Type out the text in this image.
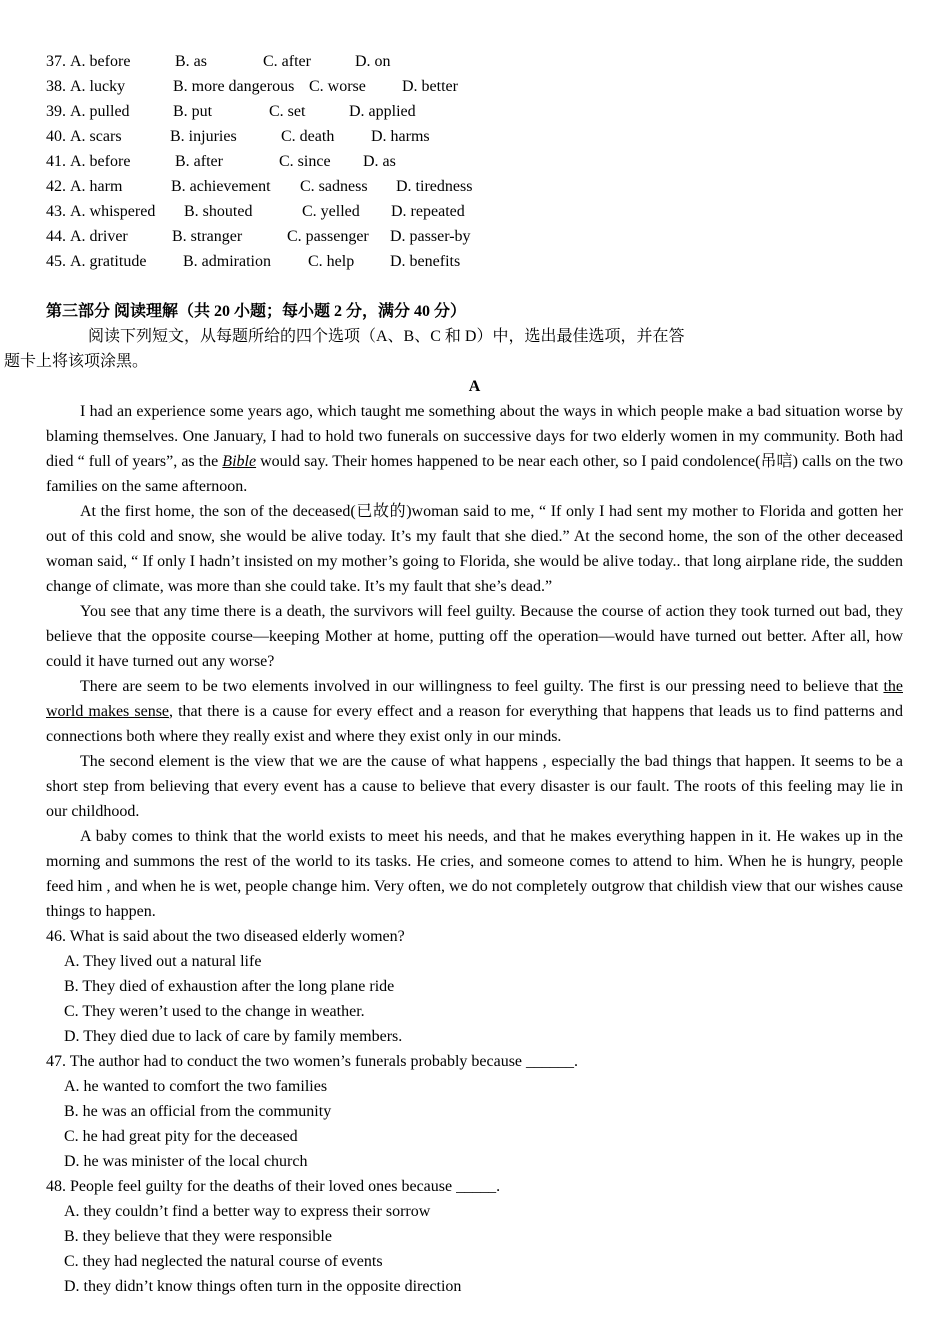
37. A. before	B. as	C. after	D. on
38. A. lucky	B. more dangerous C. worse D. better
39. A. pulled	B. put	C. set	D. applied
40. A. scars	B. injuries	C. death D. harms
41. A. before	B. after	C. since D. as
42. A. harm	B. achievement C. sadness D. tiredness
43. A. whispered B. shouted	C. yelled D. repeated
44. A. driver	B. stranger	C. passenger D. passer-by
45. A. gratitude B. admiration C. help D. benefits

第三部分 阅读理解（共 20 小题；每小题 2 分，满分 40 分）

阅读下列短文，从每题所给的四个选项（A、B、C 和 D）中，选出最佳选项，并在答
题卡上将该项涂黑。

A

I had an experience some years ago, which taught me something about the ways in which people make a bad situation worse by blaming themselves. One January, I had to hold two funerals on successive days for two elderly women in my community. Both had died “ full of years”, as the Bible would say. Their homes happened to be near each other, so I paid condolence(吊唁) calls on the two families on the same afternoon.

At the first home, the son of the deceased(已故的)woman said to me, “ If only I had sent my mother to Florida and gotten her out of this cold and snow, she would be alive today. It’s my fault that she died.” At the second home, the son of the other deceased woman said, “ If only I hadn’t insisted on my mother’s going to Florida, she would be alive today.. that long airplane ride, the sudden change of climate, was more than she could take. It’s my fault that she’s dead.”

You see that any time there is a death, the survivors will feel guilty. Because the course of action they took turned out bad, they believe that the opposite course—keeping Mother at home, putting off the operation—would have turned out better. After all, how could it have turned out any worse?

There are seem to be two elements involved in our willingness to feel guilty. The first is our pressing need to believe that the world makes sense, that there is a cause for every effect and a reason for everything that happens that leads us to find patterns and connections both where they really exist and where they exist only in our minds.

The second element is the view that we are the cause of what happens , especially the bad things that happen. It seems to be a short step from believing that every event has a cause to believe that every disaster is our fault. The roots of this feeling may lie in our childhood.

A baby comes to think that the world exists to meet his needs, and that he makes everything happen in it. He wakes up in the morning and summons the rest of the world to its tasks. He cries, and someone comes to attend to him. When he is hungry, people feed him , and when he is wet, people change him. Very often, we do not completely outgrow that childish view that our wishes cause things to happen.

46. What is said about the two diseased elderly women?

A. They lived out a natural life

B. They died of exhaustion after the long plane ride

C. They weren’t used to the change in weather.

D. They died due to lack of care by family members.

47. The author had to conduct the two women’s funerals probably because ______.

A. he wanted to comfort the two families

B. he was an official from the community

C. he had great pity for the deceased

D. he was minister of the local church

48. People feel guilty for the deaths of their loved ones because _____.

A. they couldn’t find a better way to express their sorrow

B. they believe that they were responsible

C. they had neglected the natural course of events

D. they didn’t know things often turn in the opposite direction
